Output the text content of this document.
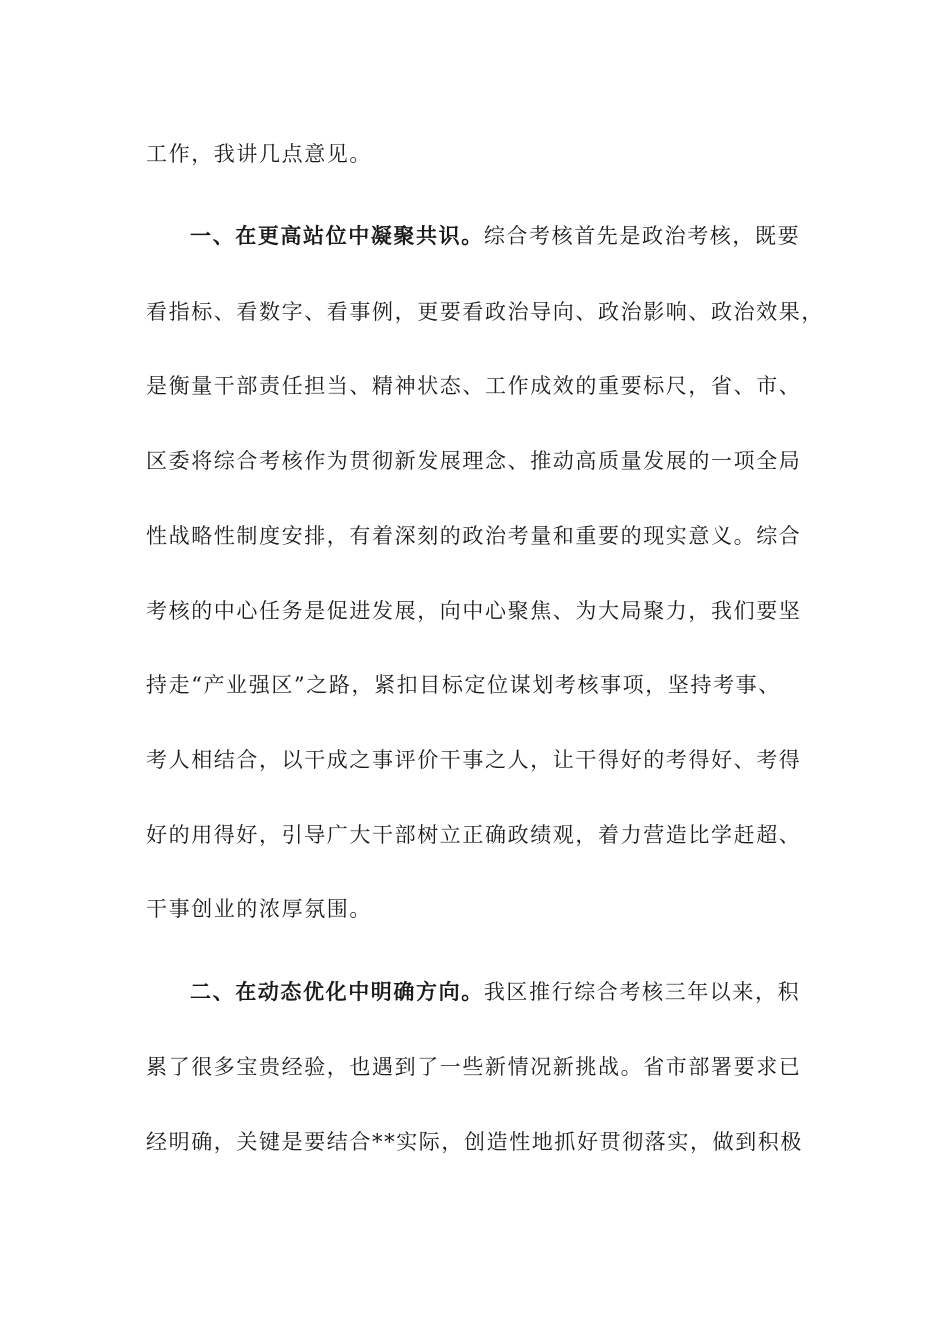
工作，我讲几点意见。
一、在更高站位中凝聚共识。综合考核首先是政治考核，既要
看指标、看数字、看事例，更要看政治导向、政治影响、政治效果，
是衡量干部责任担当、精神状态、工作成效的重要标尺，省、市、
区委将综合考核作为贯彻新发展理念、推动高质量发展的一项全局
性战略性制度安排，有着深刻的政治考量和重要的现实意义。综合
考核的中心任务是促进发展，向中心聚焦、为大局聚力，我们要坚
持走“产业强区”之路，紧扣目标定位谋划考核事项，坚持考事、
考人相结合，以干成之事评价干事之人，让干得好的考得好、考得
好的用得好，引导广大干部树立正确政绩观，着力营造比学赶超、
干事创业的浓厚氛围。
二、在动态优化中明确方向。我区推行综合考核三年以来，积
累了很多宝贵经验，也遇到了一些新情况新挑战。省市部署要求已
经明确，关键是要结合**实际，创造性地抓好贯彻落实，做到积极
